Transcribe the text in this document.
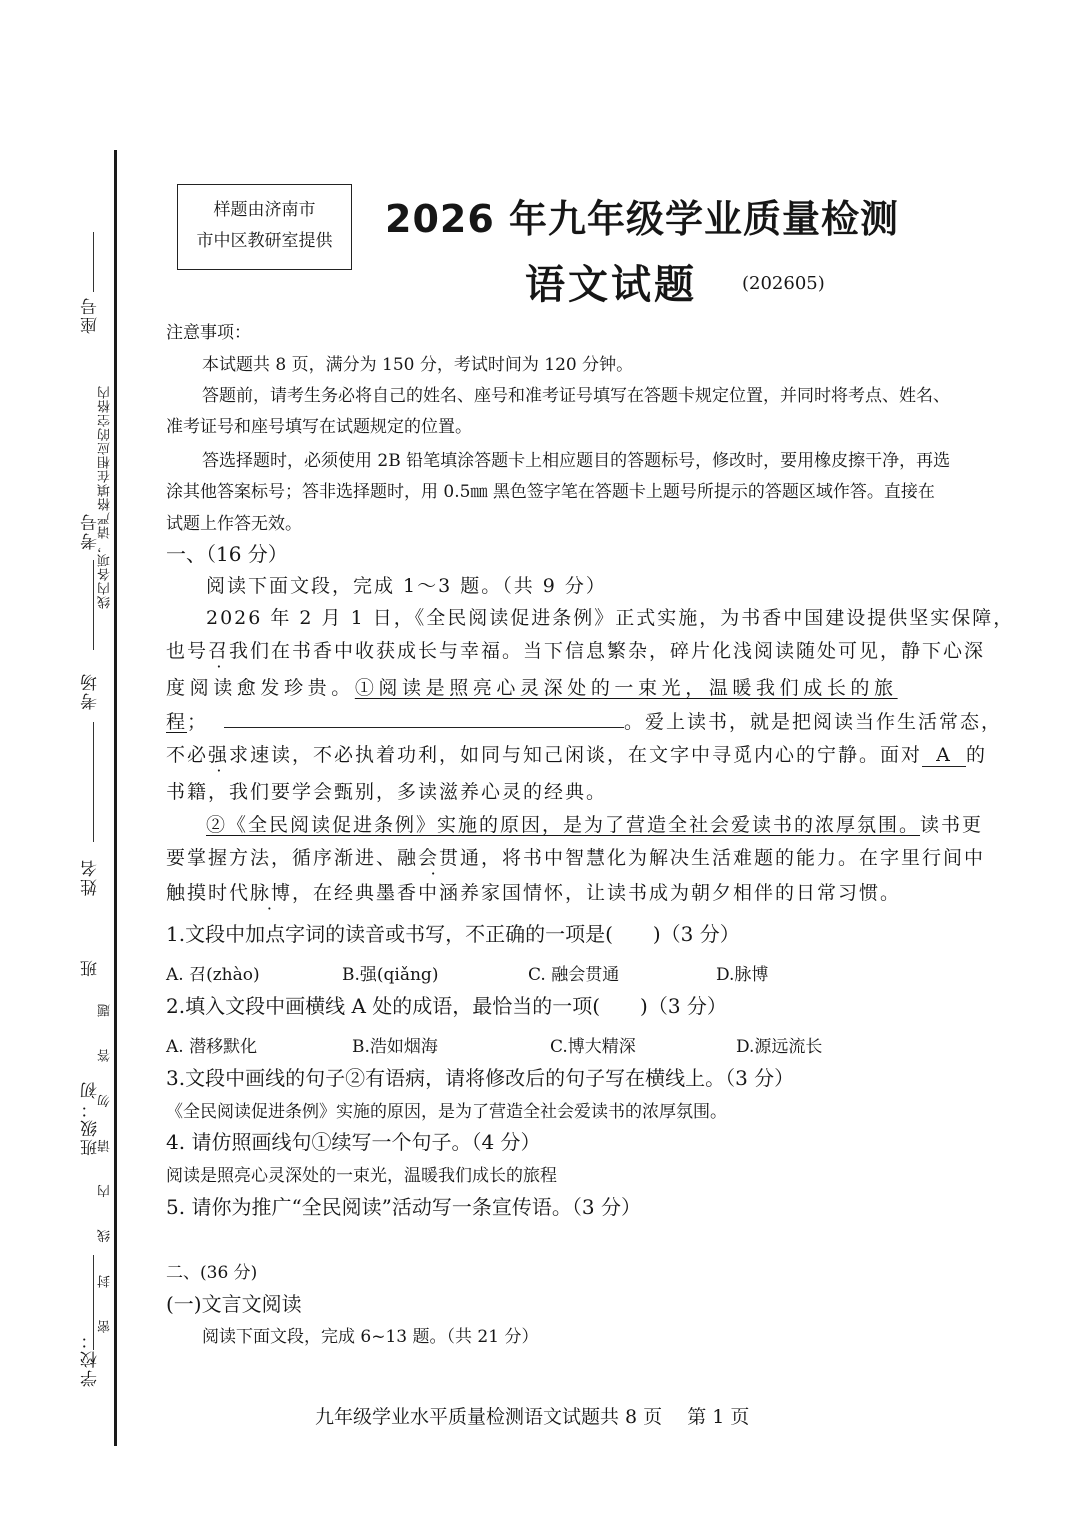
座号
线内各项，请严格填在相应的空格内
考号
考场
姓名
班
班级：初
密 封 线 内 请 勿 答 题
学校：
样题由济南市
市中区教研室提供	2026 年九年级学业质量检测
语文试题	(202605)
注意事项：
本试题共 8 页，满分为 150 分，考试时间为 120 分钟。
答题前，请考生务必将自己的姓名、座号和准考证号填写在答题卡规定位置，并同时将考点、姓名、
准考证号和座号填写在试题规定的位置。
答选择题时，必须使用 2B 铅笔填涂答题卡上相应题目的答题标号，修改时，要用橡皮擦干净，再选
涂其他答案标号；答非选择题时，用 0.5㎜ 黑色签字笔在答题卡上题号所提示的答题区域作答。直接在
试题上作答无效。
一、（16 分）
阅读下面文段，完成 1～3 题。（共 9 分）
2026 年 2 月 1 日，《全民阅读促进条例》正式实施，为书香中国建设提供坚实保障，
也号召我们在书香中收获成长与幸福。当下信息繁杂，碎片化浅阅读随处可见，静下心深
度阅读愈发珍贵。①阅读是照亮心灵深处的一束光，温暖我们成长的旅
程；	。爱上读书，就是把阅读当作生活常态，
不必强求速读，不必执着功利，如同与知己闲谈，在文字中寻觅内心的宁静。面对 A 的
书籍，我们要学会甄别，多读滋养心灵的经典。
②《全民阅读促进条例》实施的原因，是为了营造全社会爱读书的浓厚氛围。读书更
要掌握方法，循序渐进、融会贯通，将书中智慧化为解决生活难题的能力。在字里行间中
触摸时代脉博，在经典墨香中涵养家国情怀，让读书成为朝夕相伴的日常习惯。
1.文段中加点字词的读音或书写，不正确的一项是(　　)（3 分）
A. 召(zhào)	B.强(qiǎng)	C. 融会贯通	D.脉博
2.填入文段中画横线 A 处的成语，最恰当的一项(　　)（3 分）
A. 潜移默化	B.浩如烟海	C.博大精深	D.源远流长
3.文段中画线的句子②有语病，请将修改后的句子写在横线上。（3 分）
《全民阅读促进条例》实施的原因，是为了营造全社会爱读书的浓厚氛围。
4. 请仿照画线句①续写一个句子。（4 分）
阅读是照亮心灵深处的一束光，温暖我们成长的旅程
5. 请你为推广“全民阅读”活动写一条宣传语。（3 分）
二、(36 分)
(一)文言文阅读
阅读下面文段，完成 6~13 题。（共 21 分）
九年级学业水平质量检测语文试题共 8 页　 第 1 页
